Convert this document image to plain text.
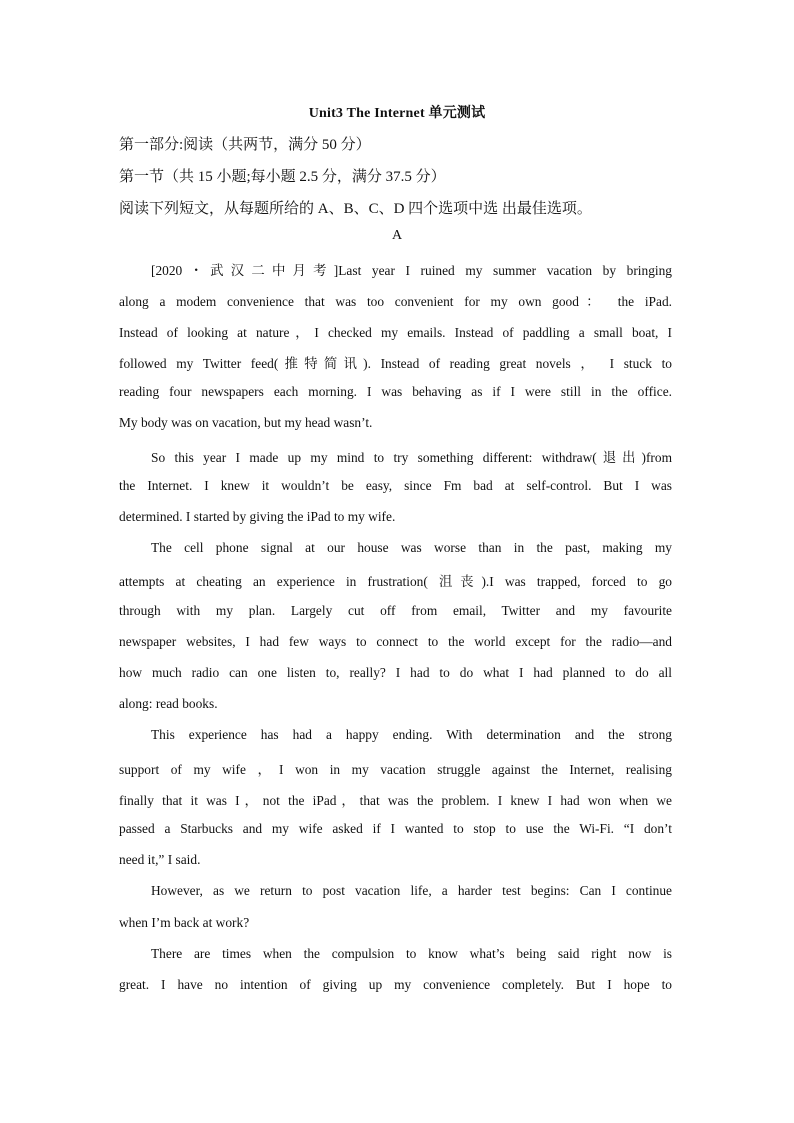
Unit3 The Internet 单元测试
第一部分:阅读（共两节，满分 50 分）
第一节（共 15 小题;每小题 2.5 分，满分 37.5 分）
阅读下列短文，从每题所给的 A、B、C、D 四个选项中选 出最佳选项。
A
[2020・武汉二中月考]Last year I ruined my summer vacation by bringing
along a modem convenience that was too convenient for my own good： the iPad.
Instead of looking at nature，I checked my emails. Instead of paddling a small boat, I
followed my Twitter feed(推特简讯). Instead of reading great novels ， I stuck to
reading four newspapers each morning. I was behaving as if I were still in the office.
My body was on vacation, but my head wasn’t.
So this year I made up my mind to try something different: withdraw(退出)from
the Internet. I knew it wouldn’t be easy, since Fm bad at self-control. But I was
determined. I started by giving the iPad to my wife.
The cell phone signal at our house was worse than in the past, making my
attempts at cheating an experience in frustration( 沮丧).I was trapped, forced to go
through with my plan. Largely cut off from email, Twitter and my favourite
newspaper websites, I had few ways to connect to the world except for the radio—and
how much radio can one listen to, really? I had to do what I had planned to do all
along: read books.
This experience has had a happy ending. With determination and the strong
support of my wife ，I won in my vacation struggle against the Internet, realising
finally that it was I，not the iPad，that was the problem. I knew I had won when we
passed a Starbucks and my wife asked if I wanted to stop to use the Wi-Fi. “I don’t
need it,” I said.
However, as we return to post vacation life, a harder test begins: Can I continue
when I’m back at work?
There are times when the compulsion to know what’s being said right now is
great. I have no intention of giving up my convenience completely. But I hope to
